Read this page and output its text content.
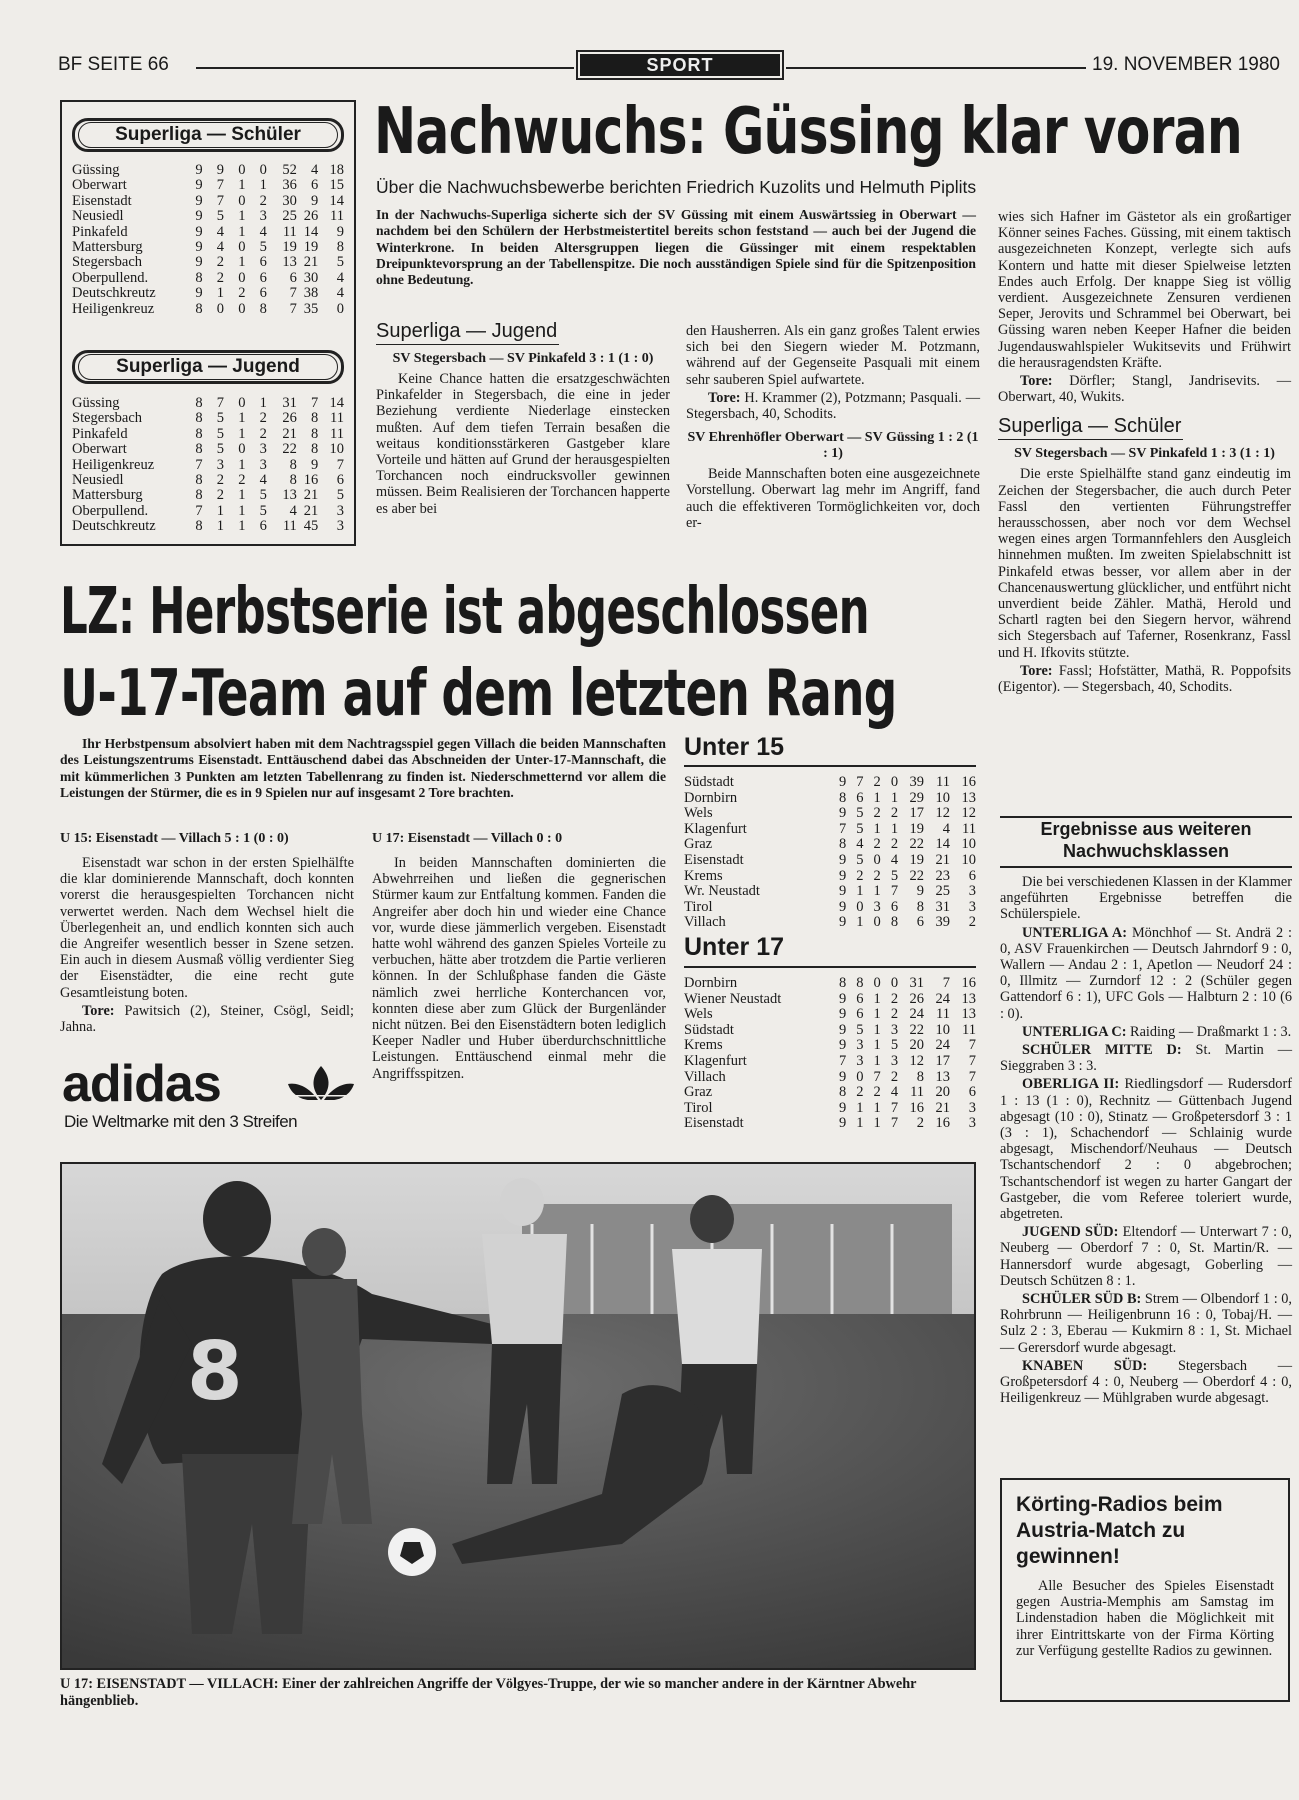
BF SEITE 66	SPORT	19. NOVEMBER 1980
Superliga — Schüler
Güssing	9	9	0	0	52	4	18
Oberwart	9	7	1	1	36	6	15
Eisenstadt	9	7	0	2	30	9	14
Neusiedl	9	5	1	3	25	26	11
Pinkafeld	9	4	1	4	11	14	9
Mattersburg	9	4	0	5	19	19	8
Stegersbach	9	2	1	6	13	21	5
Oberpullend.	8	2	0	6	6	30	4
Deutschkreutz	9	1	2	6	7	38	4
Heiligenkreuz	8	0	0	8	7	35	0
Superliga — Jugend
Güssing	8	7	0	1	31	7	14
Stegersbach	8	5	1	2	26	8	11
Pinkafeld	8	5	1	2	21	8	11
Oberwart	8	5	0	3	22	8	10
Heiligenkreuz	7	3	1	3	8	9	7
Neusiedl	8	2	2	4	8	16	6
Mattersburg	8	2	1	5	13	21	5
Oberpullend.	7	1	1	5	4	21	3
Deutschkreutz	8	1	1	6	11	45	3
Nachwuchs: Güssing klar voran
Über die Nachwuchsbewerbe berichten Friedrich Kuzolits und Helmuth Piplits
In der Nachwuchs-Superliga sicherte sich der SV Güssing mit einem Auswärtssieg in Oberwart — nachdem bei den Schülern der Herbstmeistertitel bereits schon feststand — auch bei der Jugend die Winterkrone. In beiden Altersgruppen liegen die Güssinger mit einem respektablen Dreipunktevorsprung an der Tabellenspitze. Die noch ausständigen Spiele sind für die Spitzenposition ohne Bedeutung.
Superliga — Jugend
SV Stegersbach — SV Pinkafeld 3 : 1 (1 : 0)

Keine Chance hatten die ersatzgeschwächten Pinkafelder in Stegersbach, die eine in jeder Beziehung verdiente Niederlage einstecken mußten. Auf dem tiefen Terrain besaßen die weitaus konditionsstärkeren Gastgeber klare Vorteile und hätten auf Grund der herausgespielten Torchancen noch eindrucksvoller gewinnen müssen. Beim Realisieren der Torchancen happerte es aber bei

den Hausherren. Als ein ganz großes Talent erwies sich bei den Siegern wieder M. Potzmann, während auf der Gegenseite Pasquali mit einem sehr sauberen Spiel aufwartete.

Tore: H. Krammer (2), Potzmann; Pasquali. — Stegersbach, 40, Schodits.

SV Ehrenhöfler Oberwart — SV Güssing 1 : 2 (1 : 1)

Beide Mannschaften boten eine ausgezeichnete Vorstellung. Oberwart lag mehr im Angriff, fand auch die effektiveren Tormöglichkeiten vor, doch er-

wies sich Hafner im Gästetor als ein großartiger Könner seines Faches. Güssing, mit einem taktisch ausgezeichneten Konzept, verlegte sich aufs Kontern und hatte mit dieser Spielweise letzten Endes auch Erfolg. Der knappe Sieg ist völlig verdient. Ausgezeichnete Zensuren verdienen Seper, Jerovits und Schrammel bei Oberwart, bei Güssing waren neben Keeper Hafner die beiden Jugendauswahlspieler Wukitsevits und Frühwirt die herausragendsten Kräfte.

Tore: Dörfler; Stangl, Jandrisevits. — Oberwart, 40, Wukits.

Superliga — Schüler
SV Stegersbach — SV Pinkafeld 1 : 3 (1 : 1)

Die erste Spielhälfte stand ganz eindeutig im Zeichen der Stegersbacher, die auch durch Peter Fassl den vertienten Führungstreffer herausschossen, aber noch vor dem Wechsel wegen eines argen Tormannfehlers den Ausgleich hinnehmen mußten. Im zweiten Spielabschnitt ist Pinkafeld etwas besser, vor allem aber in der Chancenauswertung glücklicher, und entführt nicht unverdient beide Zähler. Mathä, Herold und Schartl ragten bei den Siegern hervor, während sich Stegersbach auf Taferner, Rosenkranz, Fassl und H. Ifkovits stützte.

Tore: Fassl; Hofstätter, Mathä, R. Poppofsits (Eigentor). — Stegersbach, 40, Schodits.

LZ: Herbstserie ist abgeschlossen
U-17-Team auf dem letzten Rang
Ihr Herbstpensum absolviert haben mit dem Nachtragsspiel gegen Villach die beiden Mannschaften des Leistungszentrums Eisenstadt. Enttäuschend dabei das Abschneiden der Unter-17-Mannschaft, die mit kümmerlichen 3 Punkten am letzten Tabellenrang zu finden ist. Niederschmetternd vor allem die Leistungen der Stürmer, die es in 9 Spielen nur auf insgesamt 2 Tore brachten.
U 15: Eisenstadt — Villach 5 : 1 (0 : 0)

Eisenstadt war schon in der ersten Spielhälfte die klar dominierende Mannschaft, doch konnten vorerst die herausgespielten Torchancen nicht verwertet werden. Nach dem Wechsel hielt die Überlegenheit an, und endlich konnten sich auch die Angreifer wesentlich besser in Szene setzen. Ein auch in diesem Ausmaß völlig verdienter Sieg der Eisenstädter, die eine recht gute Gesamtleistung boten.

Tore: Pawitsich (2), Steiner, Csögl, Seidl; Jahna.

U 17: Eisenstadt — Villach 0 : 0

In beiden Mannschaften dominierten die Abwehrreihen und ließen die gegnerischen Stürmer kaum zur Entfaltung kommen. Fanden die Angreifer aber doch hin und wieder eine Chance vor, wurde diese jämmerlich vergeben. Eisenstadt hatte wohl während des ganzen Spieles Vorteile zu verbuchen, hätte aber trotzdem die Partie verlieren können. In der Schlußphase fanden die Gäste nämlich zwei herrliche Konterchancen vor, konnten diese aber zum Glück der Burgenländer nicht nützen. Bei den Eisenstädtern boten lediglich Keeper Nadler und Huber überdurchschnittliche Leistungen. Enttäuschend einmal mehr die Angriffsspitzen.

adidas
Die Weltmarke mit den 3 Streifen
Unter 15
Südstadt	9	7	2	0	39	11	16
Dornbirn	8	6	1	1	29	10	13
Wels	9	5	2	2	17	12	12
Klagenfurt	7	5	1	1	19	4	11
Graz	8	4	2	2	22	14	10
Eisenstadt	9	5	0	4	19	21	10
Krems	9	2	2	5	22	23	6
Wr. Neustadt	9	1	1	7	9	25	3
Tirol	9	0	3	6	8	31	3
Villach	9	1	0	8	6	39	2
Unter 17
Dornbirn	8	8	0	0	31	7	16
Wiener Neustadt	9	6	1	2	26	24	13
Wels	9	6	1	2	24	11	13
Südstadt	9	5	1	3	22	10	11
Krems	9	3	1	5	20	24	7
Klagenfurt	7	3	1	3	12	17	7
Villach	9	0	7	2	8	13	7
Graz	8	2	2	4	11	20	6
Tirol	9	1	1	7	16	21	3
Eisenstadt	9	1	1	7	2	16	3
Ergebnisse aus weiteren
Nachwuchsklassen

Die bei verschiedenen Klassen in der Klammer angeführten Ergebnisse betreffen die Schülerspiele.

UNTERLIGA A: Mönchhof — St. Andrä 2 : 0, ASV Frauenkirchen — Deutsch Jahrndorf 9 : 0, Wallern — Andau 2 : 1, Apetlon — Neudorf 24 : 0, Illmitz — Zurndorf 12 : 2 (Schüler gegen Gattendorf 6 : 1), UFC Gols — Halbturn 2 : 10 (6 : 0).

UNTERLIGA C: Raiding — Draßmarkt 1 : 3.

SCHÜLER MITTE D: St. Martin — Sieggraben 3 : 3.

OBERLIGA II: Riedlingsdorf — Rudersdorf 1 : 13 (1 : 0), Rechnitz — Güttenbach Jugend abgesagt (10 : 0), Stinatz — Großpetersdorf 3 : 1 (3 : 1), Schachendorf — Schlainig wurde abgesagt, Mischendorf/Neuhaus — Deutsch Tschantschendorf 2 : 0 abgebrochen; Tschantschendorf ist wegen zu harter Gangart der Gastgeber, die vom Referee toleriert wurde, abgetreten.

JUGEND SÜD: Eltendorf — Unterwart 7 : 0, Neuberg — Oberdorf 7 : 0, St. Martin/R. — Hannersdorf wurde abgesagt, Goberling — Deutsch Schützen 8 : 1.

SCHÜLER SÜD B: Strem — Olbendorf 1 : 0, Rohrbrunn — Heiligenbrunn 16 : 0, Tobaj/H. — Sulz 2 : 3, Eberau — Kukmirn 8 : 1, St. Michael — Gerersdorf wurde abgesagt.

KNABEN SÜD: Stegersbach — Großpetersdorf 4 : 0, Neuberg — Oberdorf 4 : 0, Heiligenkreuz — Mühlgraben wurde abgesagt.

Körting-Radios beim Austria-Match zu gewinnen!

Alle Besucher des Spieles Eisenstadt gegen Austria-Memphis am Samstag im Lindenstadion haben die Möglichkeit mit ihrer Eintrittskarte von der Firma Körting zur Verfügung gestellte Radios zu gewinnen.

8
U 17: EISENSTADT — VILLACH: Einer der zahlreichen Angriffe der Völgyes-Truppe, der wie so mancher andere in der Kärntner Abwehr hängenblieb.
